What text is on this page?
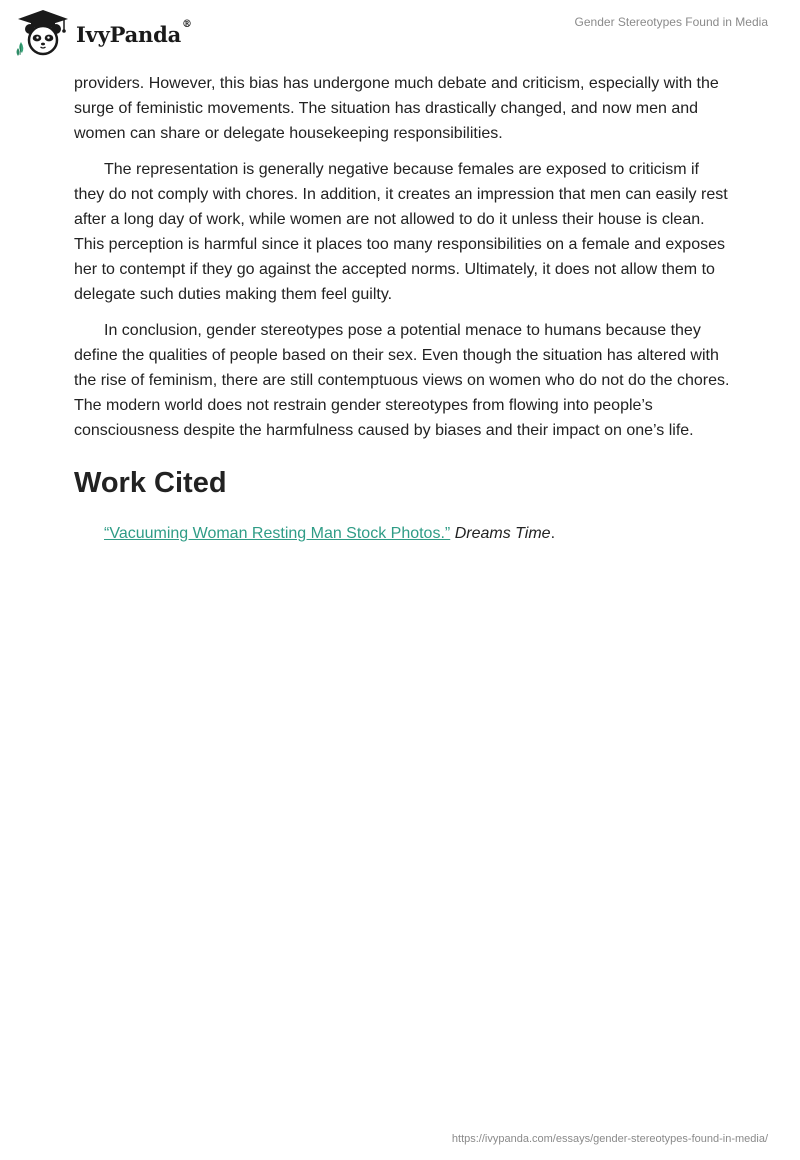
IvyPanda®	Gender Stereotypes Found in Media

providers. However, this bias has undergone much debate and criticism, especially with the surge of feministic movements. The situation has drastically changed, and now men and women can share or delegate housekeeping responsibilities.

The representation is generally negative because females are exposed to criticism if they do not comply with chores. In addition, it creates an impression that men can easily rest after a long day of work, while women are not allowed to do it unless their house is clean. This perception is harmful since it places too many responsibilities on a female and exposes her to contempt if they go against the accepted norms. Ultimately, it does not allow them to delegate such duties making them feel guilty.

In conclusion, gender stereotypes pose a potential menace to humans because they define the qualities of people based on their sex. Even though the situation has altered with the rise of feminism, there are still contemptuous views on women who do not do the chores. The modern world does not restrain gender stereotypes from flowing into people’s consciousness despite the harmfulness caused by biases and their impact on one’s life.

Work Cited
“Vacuuming Woman Resting Man Stock Photos.” Dreams Time.
https://ivypanda.com/essays/gender-stereotypes-found-in-media/
